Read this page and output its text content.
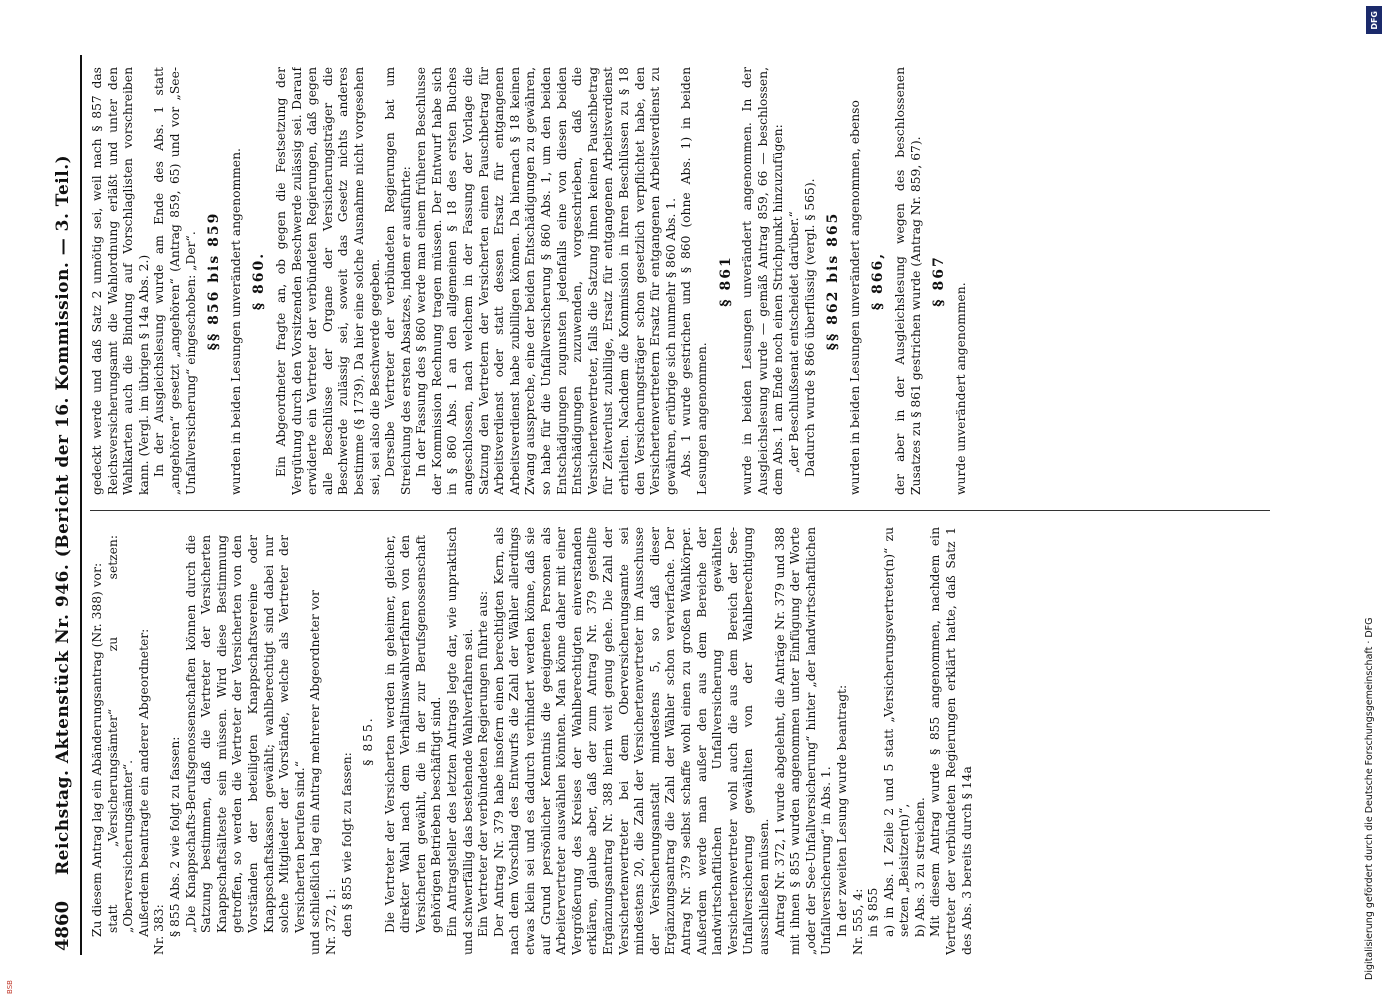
4860
Reichstag. Aktenstück Nr. 946. (Bericht der 16. Kommission. — 3. Teil.) Zu diesem Antrag lag ein Abänderungsantrag (Nr. 388) vor: statt „Versicherungsämter“ zu setzen: „Oberversicherungsämter“. Außerdem beantragte ein anderer Abgeordneter: Nr. 383: § 855 Abs. 2 wie folgt zu fassen: „Die Knappschafts-Berufsgenossenschaften können durch die Satzung bestimmen, daß die Vertreter der Versicherten Knappschaftsälteste sein müssen. Wird diese Bestimmung getroffen, so werden die Vertreter der Versicherten von den Vorständen der beteiligten Knappschaftsvereine oder Knappschaftskassen gewählt; wahlberechtigt sind dabei nur solche Mitglieder der Vorstände, welche als Vertreter der Versicherten berufen sind.“ und schließlich lag ein Antrag mehrerer Abgeordneter vor Nr. 372, 1: den § 855 wie folgt zu fassen:

§ 855. Die Vertreter der Versicherten werden in geheimer, gleicher, direkter Wahl nach dem Verhältniswahlverfahren von den Versicherten gewählt, die in der zur Berufsgenossenschaft gehörigen Betrieben beschäftigt sind. Ein Antragsteller des letzten Antrags legte dar, wie unpraktisch und schwerfällig das bestehende Wahlverfahren sei. Ein Vertreter der verbündeten Regierungen führte aus: Der Antrag Nr. 379 habe insofern einen berechtigten Kern, als nach dem Vorschlag des Entwurfs die Zahl der Wähler allerdings etwas klein sei und es dadurch verhindert werden könne, daß sie auf Grund persönlicher Kenntnis die geeigneten Personen als Arbeitervertreter auswählen könnten. Man könne daher mit einer Vergrößerung des Kreises der Wahlberechtigten einverstanden erklären, glaube aber, daß der zum Antrag Nr. 379 gestellte Ergänzungsantrag Nr. 388 hierin weit genug gehe. Die Zahl der Versichertenvertreter bei dem Oberversicherungsamte sei mindestens 20, die Zahl der Versichertenvertreter im Ausschusse der Versicherungsanstalt mindestens 5, so daß dieser Ergänzungsantrag die Zahl der Wähler schon vervierfache. Der Antrag Nr. 379 selbst schaffe wohl einen zu großen Wahlkörper. Außerdem werde man außer den aus dem Bereiche der landwirtschaftlichen Unfallversicherung gewählten Versichertenvertreter wohl auch die aus dem Bereich der See-Unfallversicherung gewählten von der Wahlberechtigung ausschließen müssen. Antrag Nr. 372, 1 wurde abgelehnt, die Anträge Nr. 379 und 388 mit ihnen § 855 wurden angenommen unter Einfügung der Worte „oder der See-Unfallversicherung“ hinter „der landwirtschaftlichen Unfallversicherung“ in Abs. 1. In der zweiten Lesung wurde beantragt: Nr. 555, 4: in § 855 a) in Abs. 1 Zeile 2 und 5 statt „Versicherungsvertreter(n)“ zu setzen „Beisitzer(n)“, b) Abs. 3 zu streichen. Mit diesem Antrag wurde § 855 angenommen, nachdem ein Vertreter der verbündeten Regierungen erklärt hatte, daß Satz 1 des Abs. 3 bereits durch § 14a

gedeckt werde und daß Satz 2 unnötig sei, weil nach § 857 das Reichsversicherungsamt die Wahlordnung erläßt und unter den Wahlkarten auch die Bindung auf Vorschlaglisten vorschreiben kann. (Vergl. im übrigen § 14a Abs. 2.) In der Ausgleichslesung wurde am Ende des Abs. 1 statt „angehören“ gesetzt „angehören“ (Antrag 859, 65) und vor „See-Unfallversicherung“ eingeschoben: „Der“. §§ 856 bis 859 wurden in beiden Lesungen unverändert angenommen. § 860. Ein Abgeordneter fragte an, ob gegen die Festsetzung der Vergütung durch den Vorsitzenden Beschwerde zulässig sei. Darauf erwiderte ein Vertreter der verbündeten Regierungen, daß gegen alle Beschlüsse der Organe der Versicherungsträger die Beschwerde zulässig sei, soweit das Gesetz nichts anderes bestimme (§ 1739). Da hier eine solche Ausnahme nicht vorgesehen sei, sei also die Beschwerde gegeben. Derselbe Vertreter der verbündeten Regierungen bat um Streichung des ersten Absatzes, indem er ausführte: In der Fassung des § 860 werde man einem früheren Beschlusse der Kommission Rechnung tragen müssen. Der Entwurf habe sich in § 860 Abs. 1 an den allgemeinen § 18 des ersten Buches angeschlossen, nach welchem in der Fassung der Vorlage die Satzung den Vertretern der Versicherten einen Pauschbetrag für Arbeitsverdienst oder statt dessen Ersatz für entgangenen Arbeitsverdienst habe zubilligen können. Da hiernach § 18 keinen Zwang ausspreche, eine der beiden Entschädigungen zu gewähren, so habe für die Unfallversicherung § 860 Abs. 1, um den beiden Entschädigungen zugunsten jedenfalls eine von diesen beiden Entschädigungen zuzuwenden, vorgeschrieben, daß die Versichertenvertreter, falls die Satzung ihnen keinen Pauschbetrag für Zeitverlust zubillige, Ersatz für entgangenen Arbeitsverdienst erhielten. Nachdem die Kommission in ihren Beschlüssen zu § 18 den Versicherungsträger schon gesetzlich verpflichtet habe, den Versichertenvertretern Ersatz für entgangenen Arbeitsverdienst zu gewähren, erübrige sich nunmehr § 860 Abs. 1. Abs. 1 wurde gestrichen und § 860 (ohne Abs. 1) in beiden Lesungen angenommen.

§ 861 wurde in beiden Lesungen unverändert angenommen. In der Ausgleichslesung wurde — gemäß Antrag 859, 66 — beschlossen, dem Abs. 1 am Ende noch einen Strichpunkt hinzuzufügen: „der Beschlußsenat entscheidet darüber.“ Dadurch wurde § 866 überflüssig (vergl. § 565). §§ 862 bis 865 wurden in beiden Lesungen unverändert angenommen, ebenso § 866, der aber in der Ausgleichslesung wegen des beschlossenen Zusatzes zu § 861 gestrichen wurde (Antrag Nr. 859, 67). § 867

wurde unverändert angenommen.

DFG
Digitalisierung gefördert durch die Deutsche Forschungsgemeinschaft · DFG
BSB
